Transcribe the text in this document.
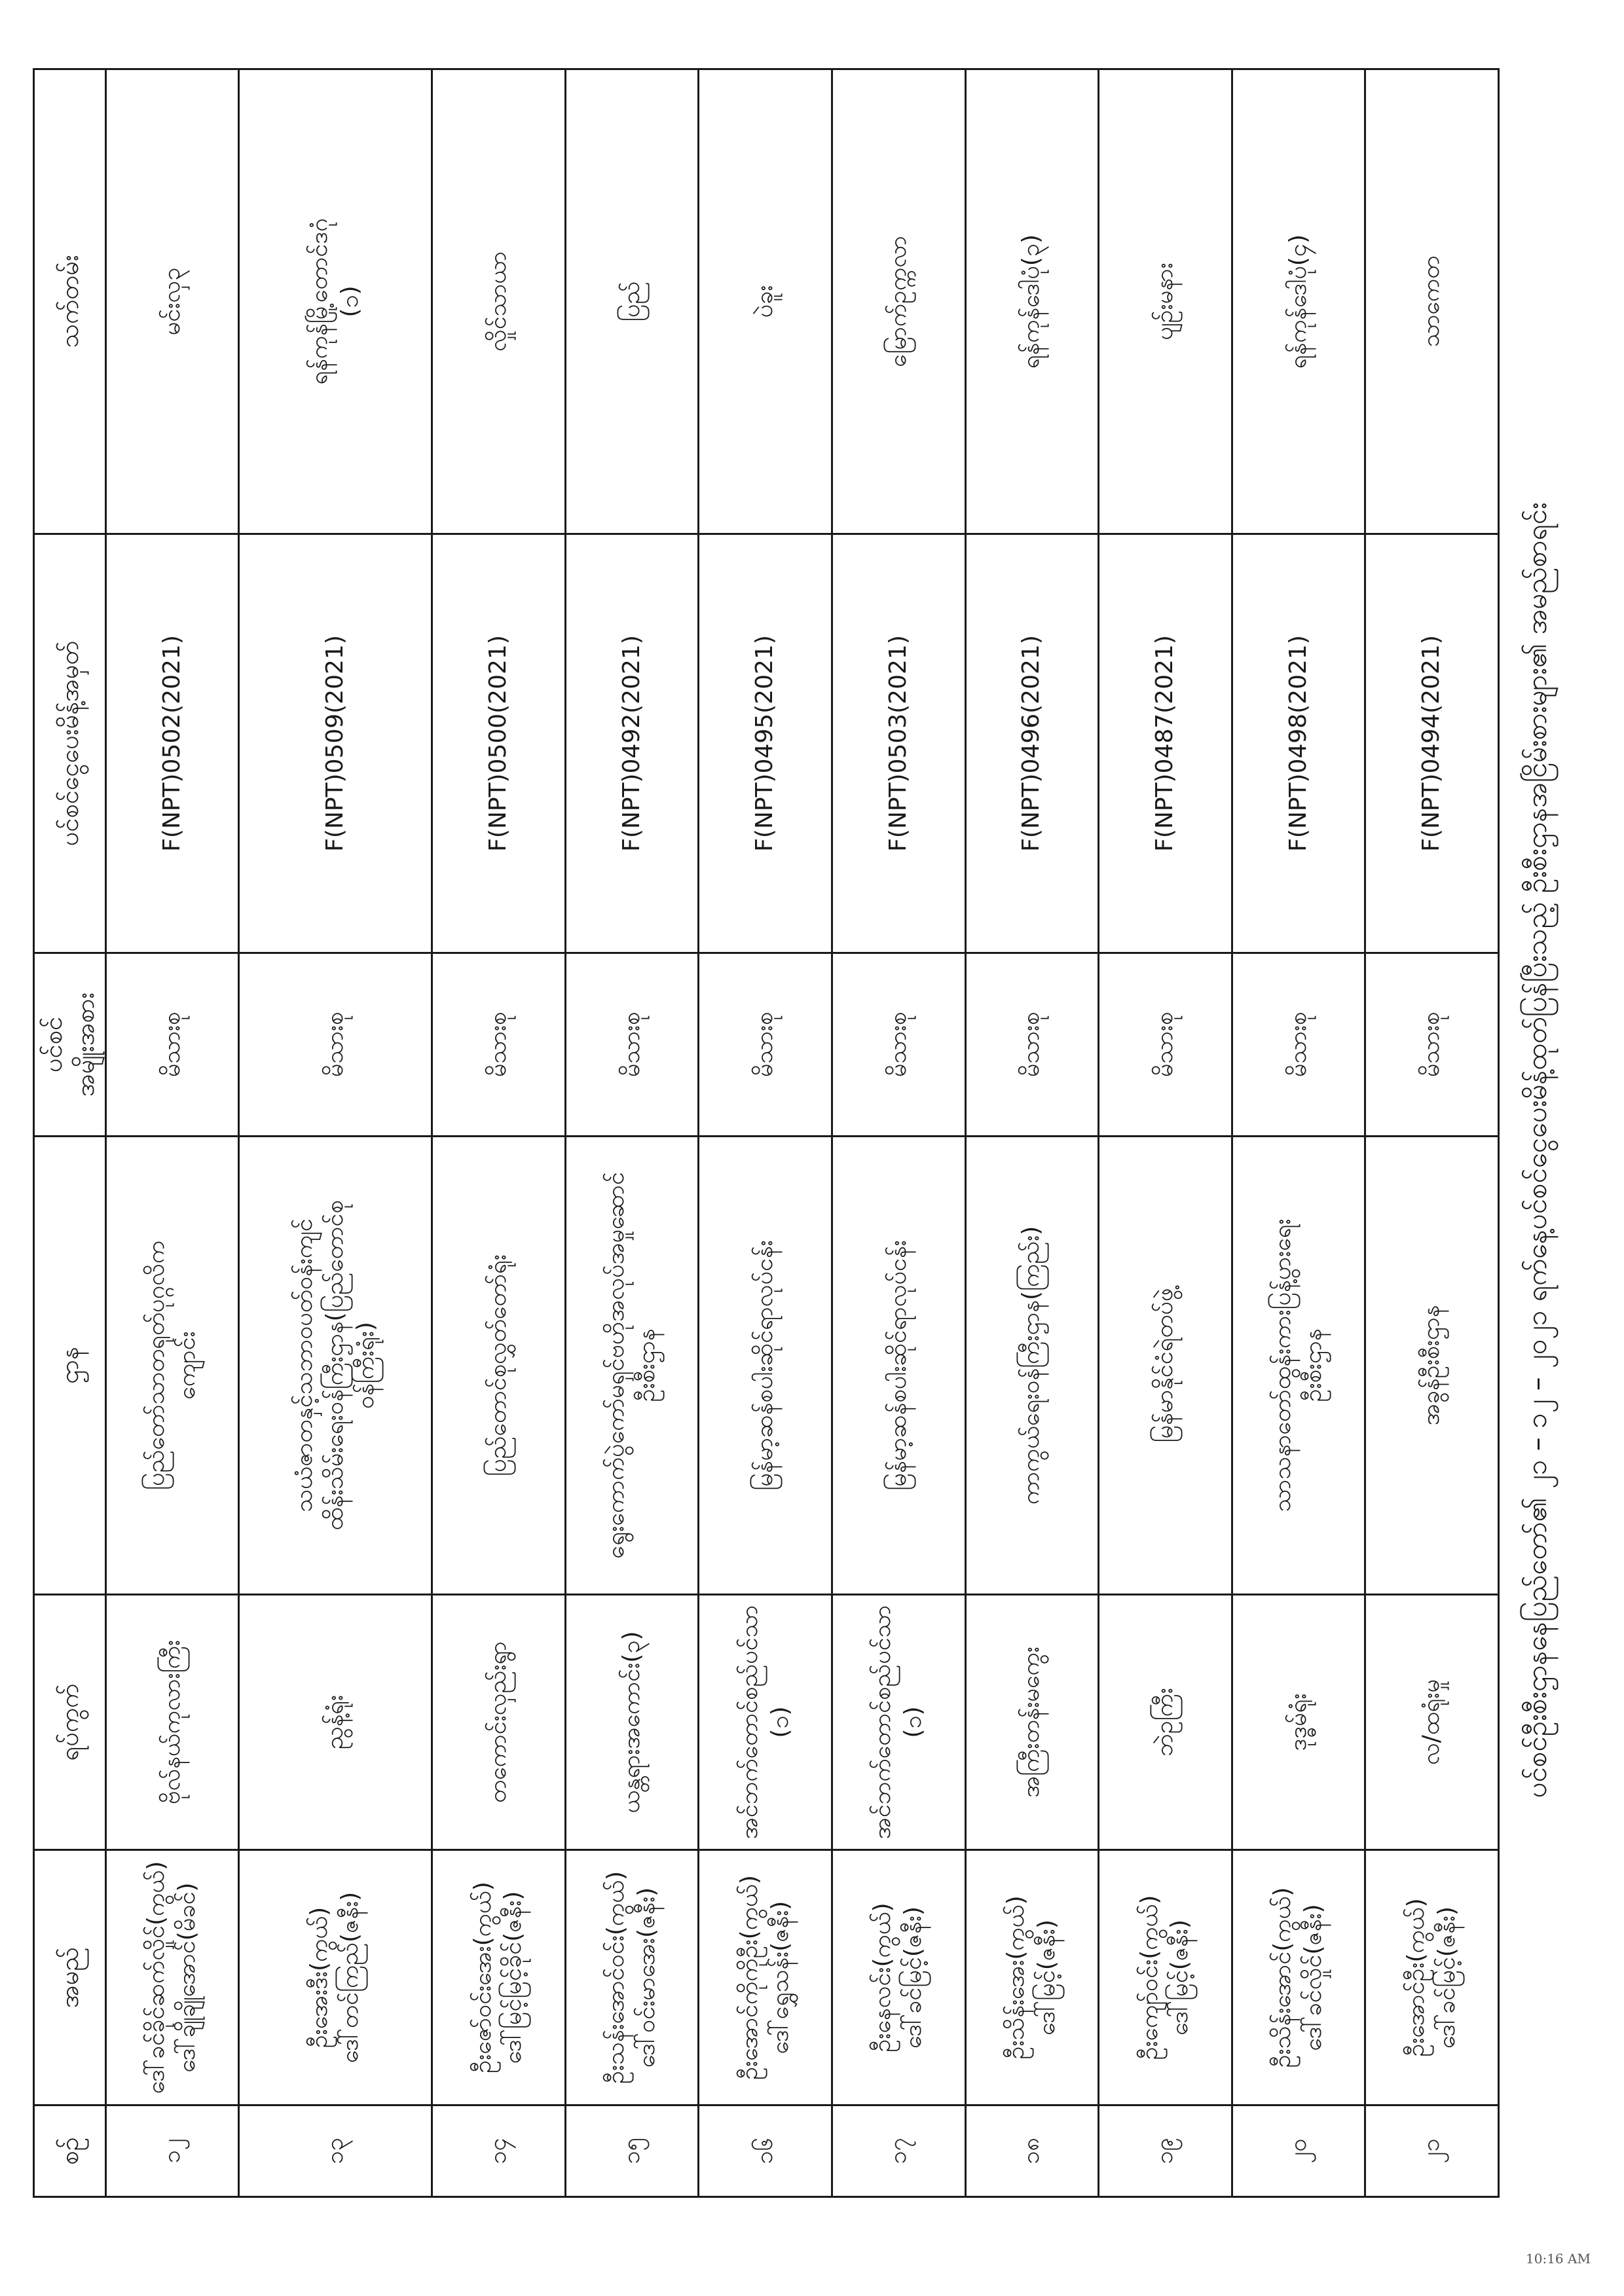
10:16 AM
ပင်စင်ဦးစီးဌာနနေပြည်တော်၏ ၂၁ – ၁၂ – ၂၀၂၁ ရက်နေ့ပင်စင်ငွေပေးမိန့်ထုတ်ပြန်ပြီးသည့် ဦးစီးဌာနအငြိမ်းစားများ၏ အမည်စာရင်း
စဉ်	အမည်	ရပ်ကွက်	ဌာန	ပင်စင် အမျိုးအစား	ပင်စင်ငွေပေးမိန့်အမှတ်	သက်တမ်း
၁၂	ဒေါ်ခင်ခိုင်ဆက်လှိုင်(ကွယ်) ဒေါ်ချိုချိုအောင်(မိခင်)	ဗိုလ်နယ်ကုလားကြီး	ပြည်တော်သာတရုတ်ပုဂ္ဂလိက ကျောင်း	မိသားစု	F(NPT)0502(2021)	မင်းလှ၃
၁၃	ဦးအေးဒီး(ကွယ်) ဒေါ်တင်ကြည်(ဇနီး)	ညွန့်ရုံး	သယံဇာတနှင့်သဘာဝပတ်ဝန်းကျင် ထိန်းသိမ်းရေးဝန်ကြီးဌာန(ပြည်တောင်စု ဝန်ကြီးရုံး)	မိသားစု	F(NPT)0509(2021)	ရန်ကုန်မြို့တောင်ဒဂုံ (၁)

၁၄	ဦးဇော်ဝင်းအေး(ကွယ်) ဒေါ်မြင့်မြင့်ခိုင်(ဇနီး)	တကောင်းလှည်းရွာ	ပြည်တောင်စုလွှတ်တော်ရုံး	မိသားစု	F(NPT)0500(2021)	လှိုင်သာယာ
၁၅	ဦးသန်းအောင်ဝင်း(ကွယ်) ဒေါ်ဝင်းမာအေး(ဇနီး)	ယန္တရားအကောင်း(၃)	ရွေးကောက်ပွဲကော်မရှင်ဗဟိုအလုပ်အမှုဆောင် ဦးစီးဌာန	မိသားစု	F(NPT)0492(2021)	ပြည်
၁၆	ဦးအောင်ကိုကိုဦး(ကွယ်) ဒေါ်ရွှေသန်း(ဇနီး)	အင်ဘက်တောင်စည်ပင်သာ (၁)	မြန်မာ့ဆန်စပါးဆိုင်ရာလုပ်ငန်း	မိသားစု	F(NPT)0495(2021)	ပဲခူး
၁၇	ဦးနေလင်း(ကွယ်) ဒေါ်ခင်မြင့်(ဇနီး)	အင်ဘက်တောင်စည်ပင်သာ (၁)	မြန်မာ့ဆန်စပါးဆိုင်ရာလုပ်ငန်း	မိသားစု	F(NPT)0503(2021)	မြောက်ဥက္ကလာ
၁၈	ဦးသိန်းအေး(ကွယ်) ဒေါ်မြင့်(ဇနီး)	အကြီးတန်းမကွေး	ကာကွယ်ရေးဝန်ကြီးဌာန(ကြည်း)	မိသားစု	F(NPT)0496(2021)	ရန်ကုန်ဒေါပုံ(၃)
၁၉	ဦးကျော်ဝင်း(ကွယ်) ဒေါ်မြင့်(ဇနီး)	ဘဲဥကြီး	မြန်မာနိုင်ငံရဲတပ်ဖွဲ့	မိသားစု	F(NPT)0487(2021)	ပျဉ်းမနား
၂၀	ဦးသိန်းအောင်(ကွယ်) ဒေါ်ခင်လှိုင်(ဇနီး)	ဒုဒ္ဓမ်ရုံး	သာသနာတော်ထွန်းကားပြန့်ပွားရေး ဦးစီးဌာန	မိသားစု	F(NPT)0498(2021)	ရန်ကုန်ဒေါပုံ(၄)
၂၁	ဦးအောင်ဦး(ကွယ်) ဒေါ်ခင်မြင့်(ဇနီး)	လ/ထရုံးမှု	အခွန်ဦးစီးဌာန	မိသားစု	F(NPT)0494(2021)	သာကေတ
